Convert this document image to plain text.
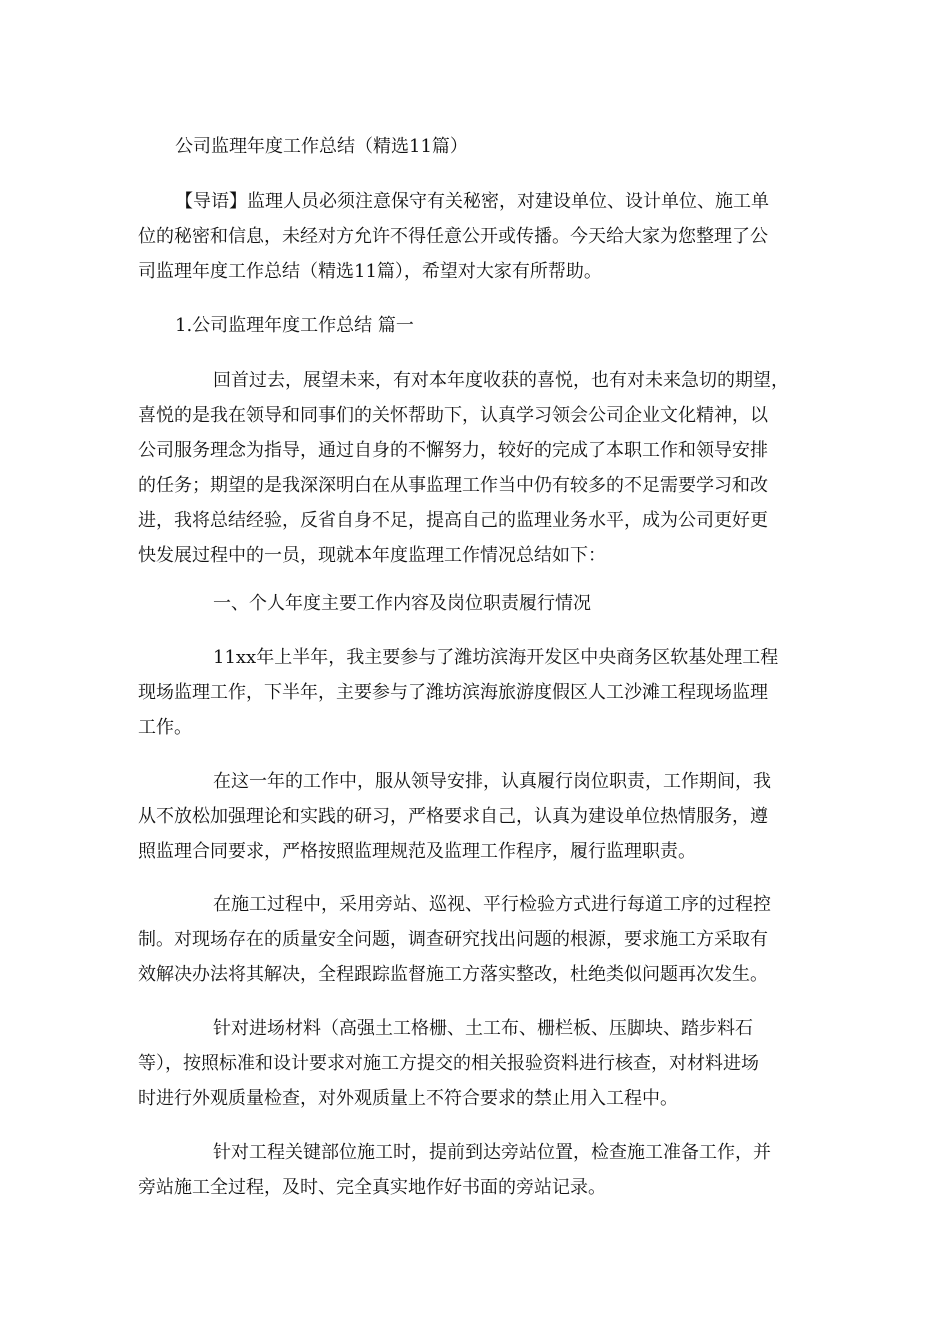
公司监理年度工作总结（精选11篇）
【导语】监理人员必须注意保守有关秘密，对建设单位、设计单位、施工单
位的秘密和信息，未经对方允许不得任意公开或传播。今天给大家为您整理了公
司监理年度工作总结（精选11篇），希望对大家有所帮助。
1.公司监理年度工作总结 篇一
回首过去，展望未来，有对本年度收获的喜悦，也有对未来急切的期望，
喜悦的是我在领导和同事们的关怀帮助下，认真学习领会公司企业文化精神，以
公司服务理念为指导，通过自身的不懈努力，较好的完成了本职工作和领导安排
的任务；期望的是我深深明白在从事监理工作当中仍有较多的不足需要学习和改
进，我将总结经验，反省自身不足，提高自己的监理业务水平，成为公司更好更
快发展过程中的一员，现就本年度监理工作情况总结如下：
一、个人年度主要工作内容及岗位职责履行情况
11xx年上半年，我主要参与了潍坊滨海开发区中央商务区软基处理工程
现场监理工作，下半年，主要参与了潍坊滨海旅游度假区人工沙滩工程现场监理
工作。
在这一年的工作中，服从领导安排，认真履行岗位职责，工作期间，我
从不放松加强理论和实践的研习，严格要求自己，认真为建设单位热情服务，遵
照监理合同要求，严格按照监理规范及监理工作程序，履行监理职责。
在施工过程中，采用旁站、巡视、平行检验方式进行每道工序的过程控
制。对现场存在的质量安全问题，调查研究找出问题的根源，要求施工方采取有
效解决办法将其解决，全程跟踪监督施工方落实整改，杜绝类似问题再次发生。
针对进场材料（高强土工格栅、土工布、栅栏板、压脚块、踏步料石
等），按照标准和设计要求对施工方提交的相关报验资料进行核查，对材料进场
时进行外观质量检查，对外观质量上不符合要求的禁止用入工程中。
针对工程关键部位施工时，提前到达旁站位置，检查施工准备工作，并
旁站施工全过程，及时、完全真实地作好书面的旁站记录。
